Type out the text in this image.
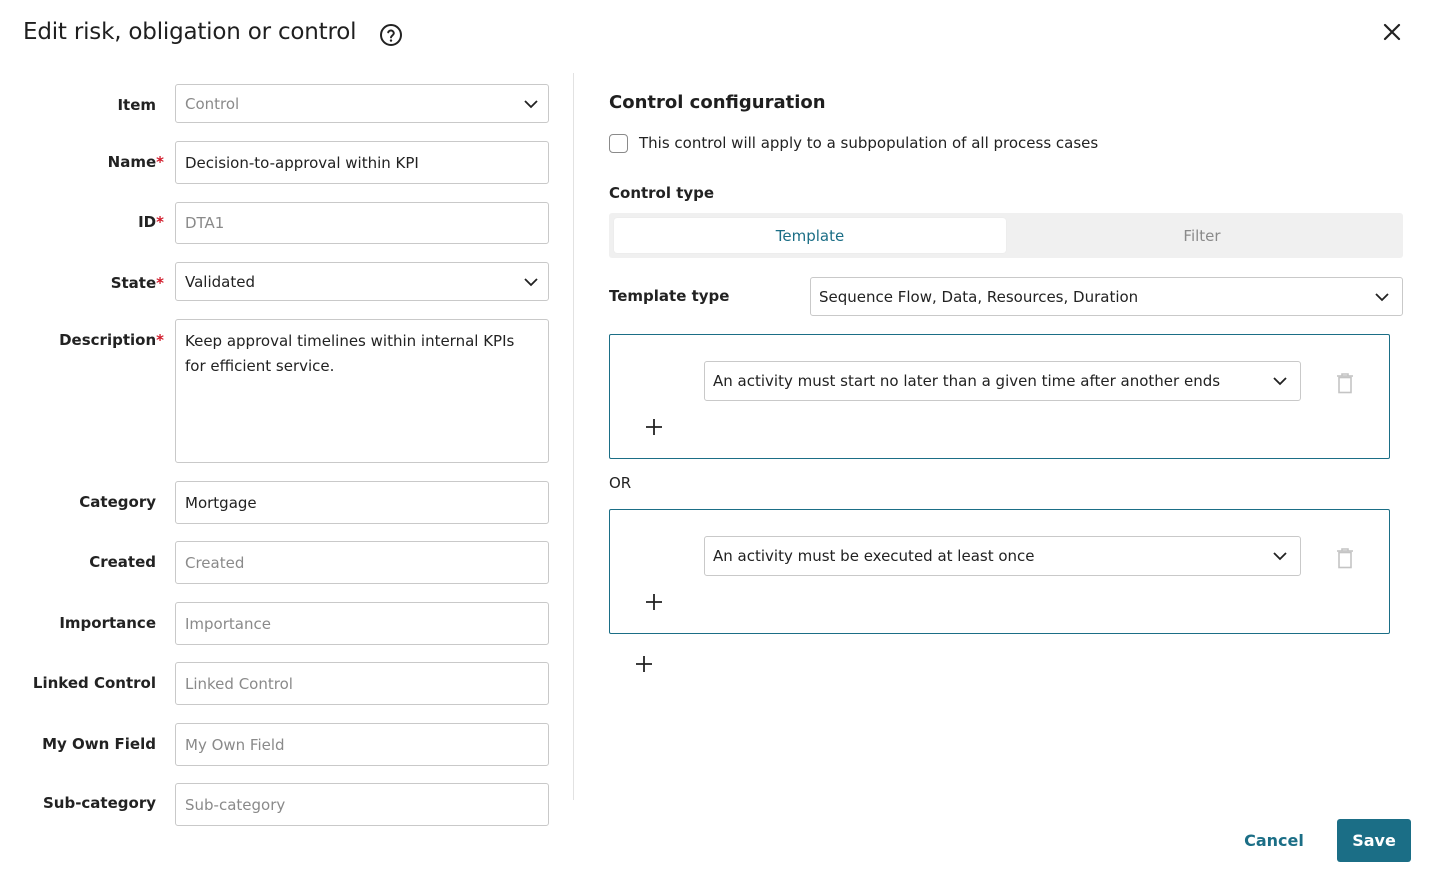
Edit risk, obligation or control
Item Control
Name*
Decision-to-approval within KPI
ID*
DTA1
State* Validated
Description*
Keep approval timelines within internal KPIs for efficient service.
Category
Mortgage
Created
Created
Importance
Importance
Linked Control
Linked Control
My Own Field
My Own Field
Sub-category
Sub-category
Control configuration
This control will apply to a subpopulation of all process cases
Control type
Template	Filter
Template type	Sequence Flow, Data, Resources, Duration
An activity must start no later than a given time after another ends
OR
An activity must be executed at least once
Cancel	Save
